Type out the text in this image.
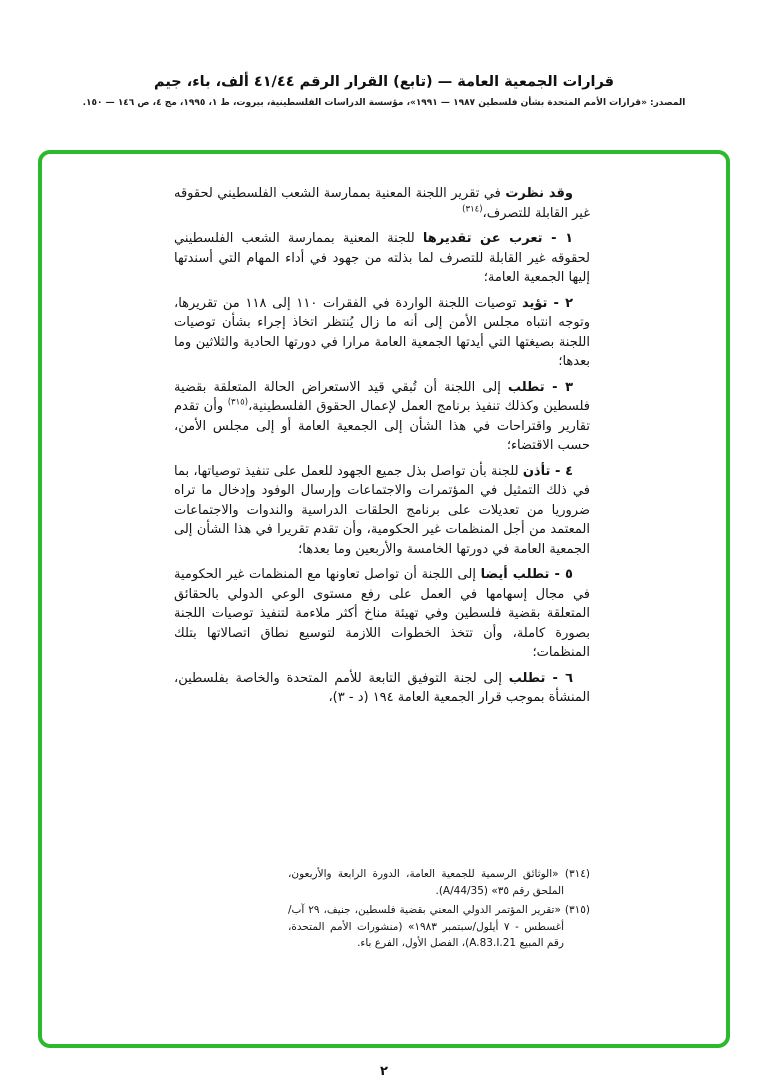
قرارات الجمعية العامة — (تابع) القرار الرقم ٤١/٤٤ ألف، باء، جيم
المصدر: «قرارات الأمم المتحدة بشأن فلسطين ١٩٨٧ — ١٩٩١»، مؤسسة الدراسات الفلسطينية، بيروت، ط ١، ١٩٩٥، مج ٤، ص ١٤٦ — ١٥٠.

وقد نظرت في تقرير اللجنة المعنية بممارسة الشعب الفلسطيني لحقوقه غير القابلة للتصرف،$^{(٣١٤)}$

١ - تعرب عن تقديرها للجنة المعنية بممارسة الشعب الفلسطيني لحقوقه غير القابلة للتصرف لما بذلته من جهود في أداء المهام التي أسندتها إليها الجمعية العامة؛

٢ - تؤيد توصيات اللجنة الواردة في الفقرات ١١٠ إلى ١١٨ من تقريرها، وتوجه انتباه مجلس الأمن إلى أنه ما زال يُنتظر اتخاذ إجراء بشأن توصيات اللجنة بصيغتها التي أيدتها الجمعية العامة مرارا في دورتها الحادية والثلاثين وما بعدها؛

٣ - تطلب إلى اللجنة أن تُبقي قيد الاستعراض الحالة المتعلقة بقضية فلسطين وكذلك تنفيذ برنامج العمل لإعمال الحقوق الفلسطينية،$^{(٣١٥)}$ وأن تقدم تقارير واقتراحات في هذا الشأن إلى الجمعية العامة أو إلى مجلس الأمن، حسب الاقتضاء؛

٤ - تأذن للجنة بأن تواصل بذل جميع الجهود للعمل على تنفيذ توصياتها، بما في ذلك التمثيل في المؤتمرات والاجتماعات وإرسال الوفود وإدخال ما تراه ضروريا من تعديلات على برنامج الحلقات الدراسية والندوات والاجتماعات المعتمد من أجل المنظمات غير الحكومية، وأن تقدم تقريرا في هذا الشأن إلى الجمعية العامة في دورتها الخامسة والأربعين وما بعدها؛

٥ - تطلب أيضا إلى اللجنة أن تواصل تعاونها مع المنظمات غير الحكومية في مجال إسهامها في العمل على رفع مستوى الوعي الدولي بالحقائق المتعلقة بقضية فلسطين وفي تهيئة مناخ أكثر ملاءمة لتنفيذ توصيات اللجنة بصورة كاملة، وأن تتخذ الخطوات اللازمة لتوسيع نطاق اتصالاتها بتلك المنظمات؛

٦ - تطلب إلى لجنة التوفيق التابعة للأمم المتحدة والخاصة بفلسطين، المنشأة بموجب قرار الجمعية العامة ١٩٤ (د - ٣)،

(٣١٤) «الوثائق الرسمية للجمعية العامة، الدورة الرابعة والأربعون، الملحق رقم ٣٥» (A/44/35).

(٣١٥) «تقرير المؤتمر الدولي المعني بقضية فلسطين، جنيف، ٢٩ آب/أغسطس - ٧ أيلول/سبتمبر ١٩٨٣» (منشورات الأمم المتحدة، رقم المبيع A.83.I.21)، الفصل الأول، الفرع باء.

٢
